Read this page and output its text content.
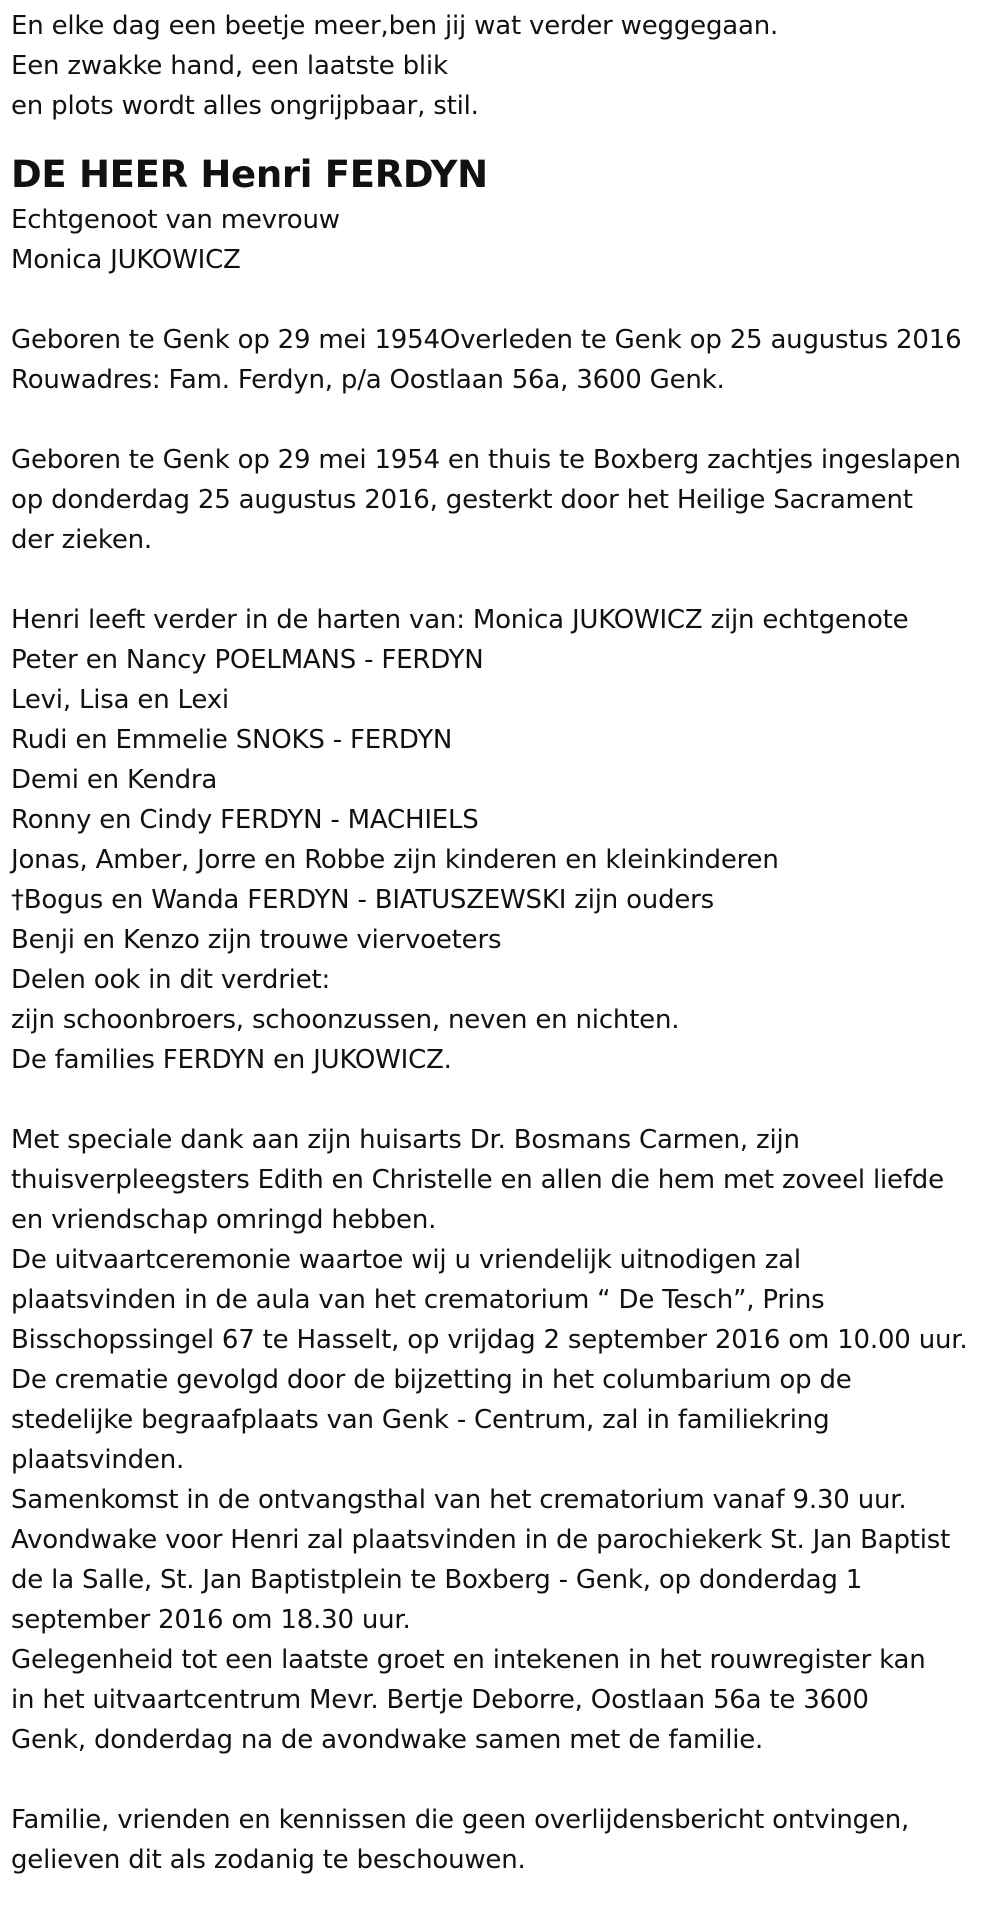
En elke dag een beetje meer,ben jij wat verder weggegaan.
Een zwakke hand, een laatste blik
en plots wordt alles ongrijpbaar, stil.
DE HEER Henri FERDYN
Echtgenoot van mevrouw
Monica JUKOWICZ
Geboren te Genk op 29 mei 1954Overleden te Genk op 25 augustus 2016
Rouwadres: Fam. Ferdyn, p/a Oostlaan 56a, 3600 Genk.
Geboren te Genk op 29 mei 1954 en thuis te Boxberg zachtjes ingeslapen
op donderdag 25 augustus 2016, gesterkt door het Heilige Sacrament
der zieken.
Henri leeft verder in de harten van: Monica JUKOWICZ zijn echtgenote
Peter en Nancy POELMANS - FERDYN
Levi, Lisa en Lexi
Rudi en Emmelie SNOKS - FERDYN
Demi en Kendra
Ronny en Cindy FERDYN - MACHIELS
Jonas, Amber, Jorre en Robbe zijn kinderen en kleinkinderen
†Bogus en Wanda FERDYN - BIATUSZEWSKI zijn ouders
Benji en Kenzo zijn trouwe viervoeters
Delen ook in dit verdriet:
zijn schoonbroers, schoonzussen, neven en nichten.
De families FERDYN en JUKOWICZ.
Met speciale dank aan zijn huisarts Dr. Bosmans Carmen, zijn
thuisverpleegsters Edith en Christelle en allen die hem met zoveel liefde
en vriendschap omringd hebben.
De uitvaartceremonie waartoe wij u vriendelijk uitnodigen zal
plaatsvinden in de aula van het crematorium “ De Tesch”, Prins
Bisschopssingel 67 te Hasselt, op vrijdag 2 september 2016 om 10.00 uur.
De crematie gevolgd door de bijzetting in het columbarium op de
stedelijke begraafplaats van Genk - Centrum, zal in familiekring
plaatsvinden.
Samenkomst in de ontvangsthal van het crematorium vanaf 9.30 uur.
Avondwake voor Henri zal plaatsvinden in de parochiekerk St. Jan Baptist
de la Salle, St. Jan Baptistplein te Boxberg - Genk, op donderdag 1
september 2016 om 18.30 uur.
Gelegenheid tot een laatste groet en intekenen in het rouwregister kan
in het uitvaartcentrum Mevr. Bertje Deborre, Oostlaan 56a te 3600
Genk, donderdag na de avondwake samen met de familie.
Familie, vrienden en kennissen die geen overlijdensbericht ontvingen,
gelieven dit als zodanig te beschouwen.
